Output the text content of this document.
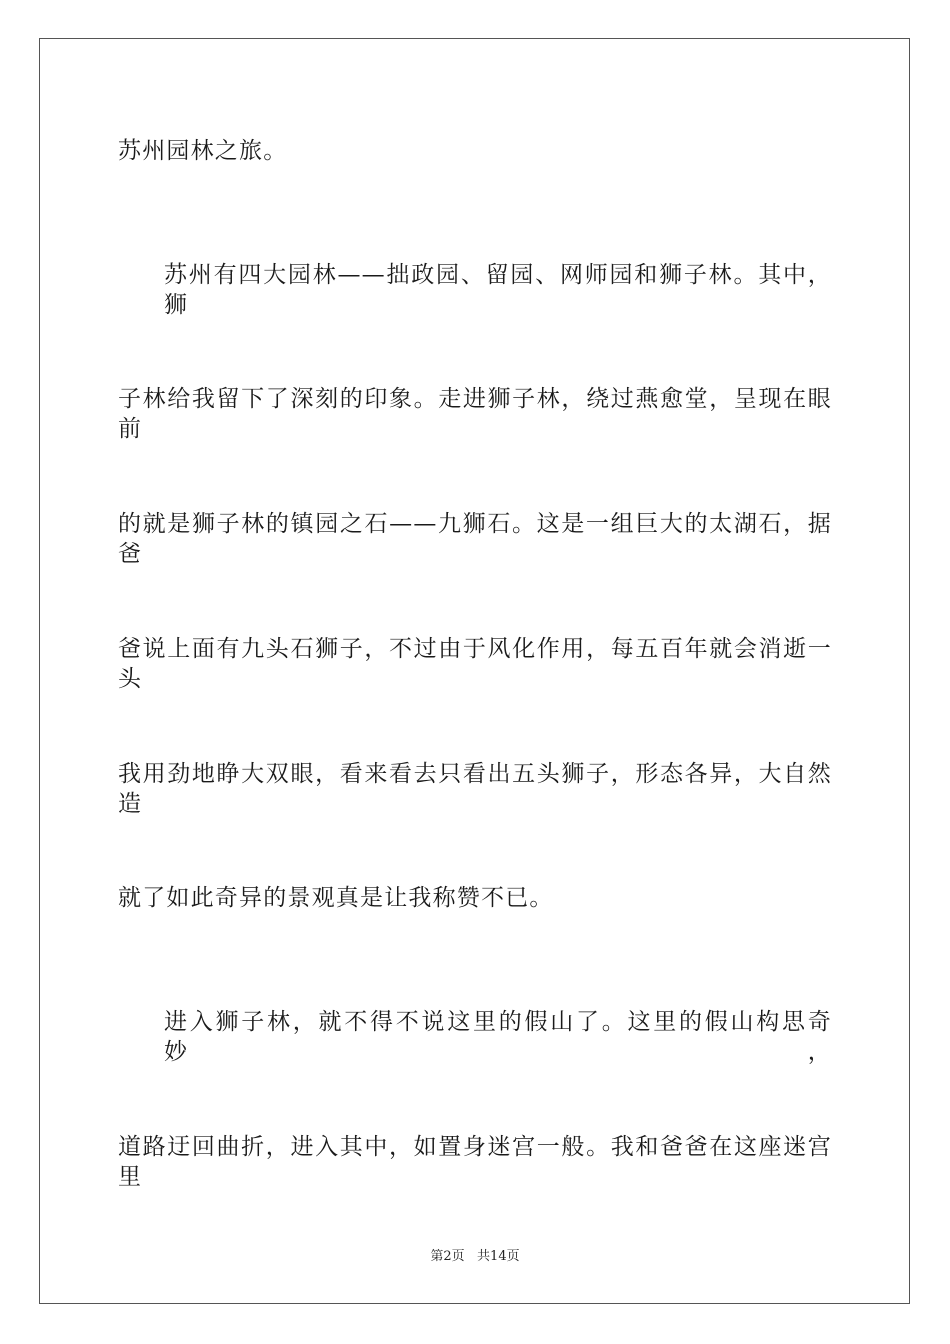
苏州园林之旅。
苏州有四大园林——拙政园、留园、网师园和狮子林。其中，狮
子林给我留下了深刻的印象。走进狮子林，绕过燕愈堂，呈现在眼前
的就是狮子林的镇园之石——九狮石。这是一组巨大的太湖石，据爸
爸说上面有九头石狮子，不过由于风化作用，每五百年就会消逝一头
我用劲地睁大双眼，看来看去只看出五头狮子，形态各异，大自然造
就了如此奇异的景观真是让我称赞不已。
进入狮子林，就不得不说这里的假山了。这里的假山构思奇妙，
道路迂回曲折，进入其中，如置身迷宫一般。我和爸爸在这座迷宫里
第2页   共14页
